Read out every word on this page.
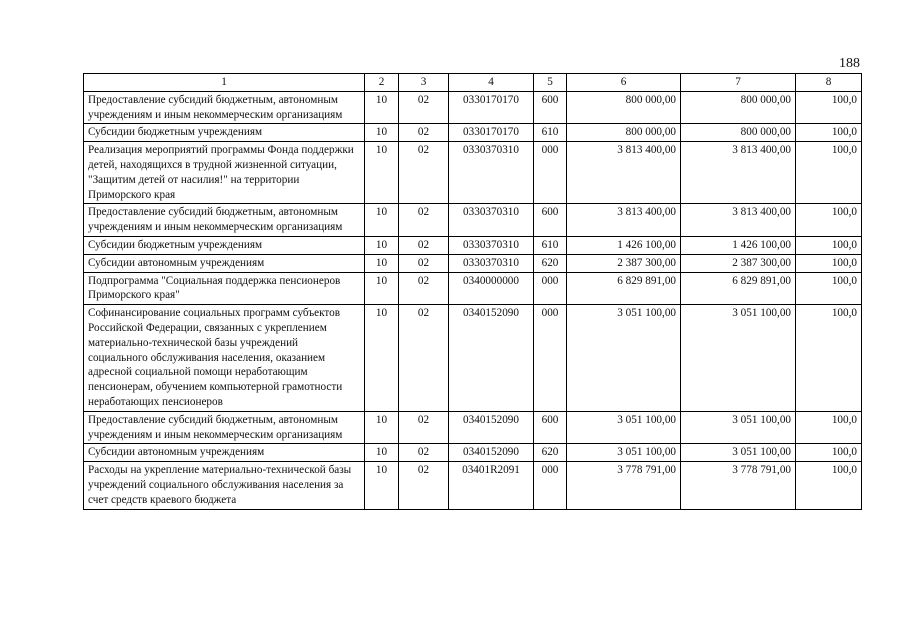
188
1	2	3	4	5	6	7	8
Предоставление субсидий бюджетным, автономным учреждениям и иным некоммерческим организациям	10	02	0330170170	600	800 000,00	800 000,00	100,0
Субсидии бюджетным учреждениям	10	02	0330170170	610	800 000,00	800 000,00	100,0
Реализация мероприятий программы Фонда поддержки детей, находящихся в трудной жизненной ситуации, "Защитим детей от насилия!" на территории Приморского края	10	02	0330370310	000	3 813 400,00	3 813 400,00	100,0
Предоставление субсидий бюджетным, автономным учреждениям и иным некоммерческим организациям	10	02	0330370310	600	3 813 400,00	3 813 400,00	100,0
Субсидии бюджетным учреждениям	10	02	0330370310	610	1 426 100,00	1 426 100,00	100,0
Субсидии автономным учреждениям	10	02	0330370310	620	2 387 300,00	2 387 300,00	100,0
Подпрограмма "Социальная поддержка пенсионеров Приморского края"	10	02	0340000000	000	6 829 891,00	6 829 891,00	100,0
Софинансирование социальных программ субъектов Российской Федерации, связанных с укреплением материально-технической базы учреждений социального обслуживания населения, оказанием адресной социальной помощи неработающим пенсионерам, обучением компьютерной грамотности неработающих пенсионеров	10	02	0340152090	000	3 051 100,00	3 051 100,00	100,0
Предоставление субсидий бюджетным, автономным учреждениям и иным некоммерческим организациям	10	02	0340152090	600	3 051 100,00	3 051 100,00	100,0
Субсидии автономным учреждениям	10	02	0340152090	620	3 051 100,00	3 051 100,00	100,0
Расходы на укрепление материально-технической базы учреждений социального обслуживания населения за счет средств краевого бюджета	10	02	03401R2091	000	3 778 791,00	3 778 791,00	100,0
